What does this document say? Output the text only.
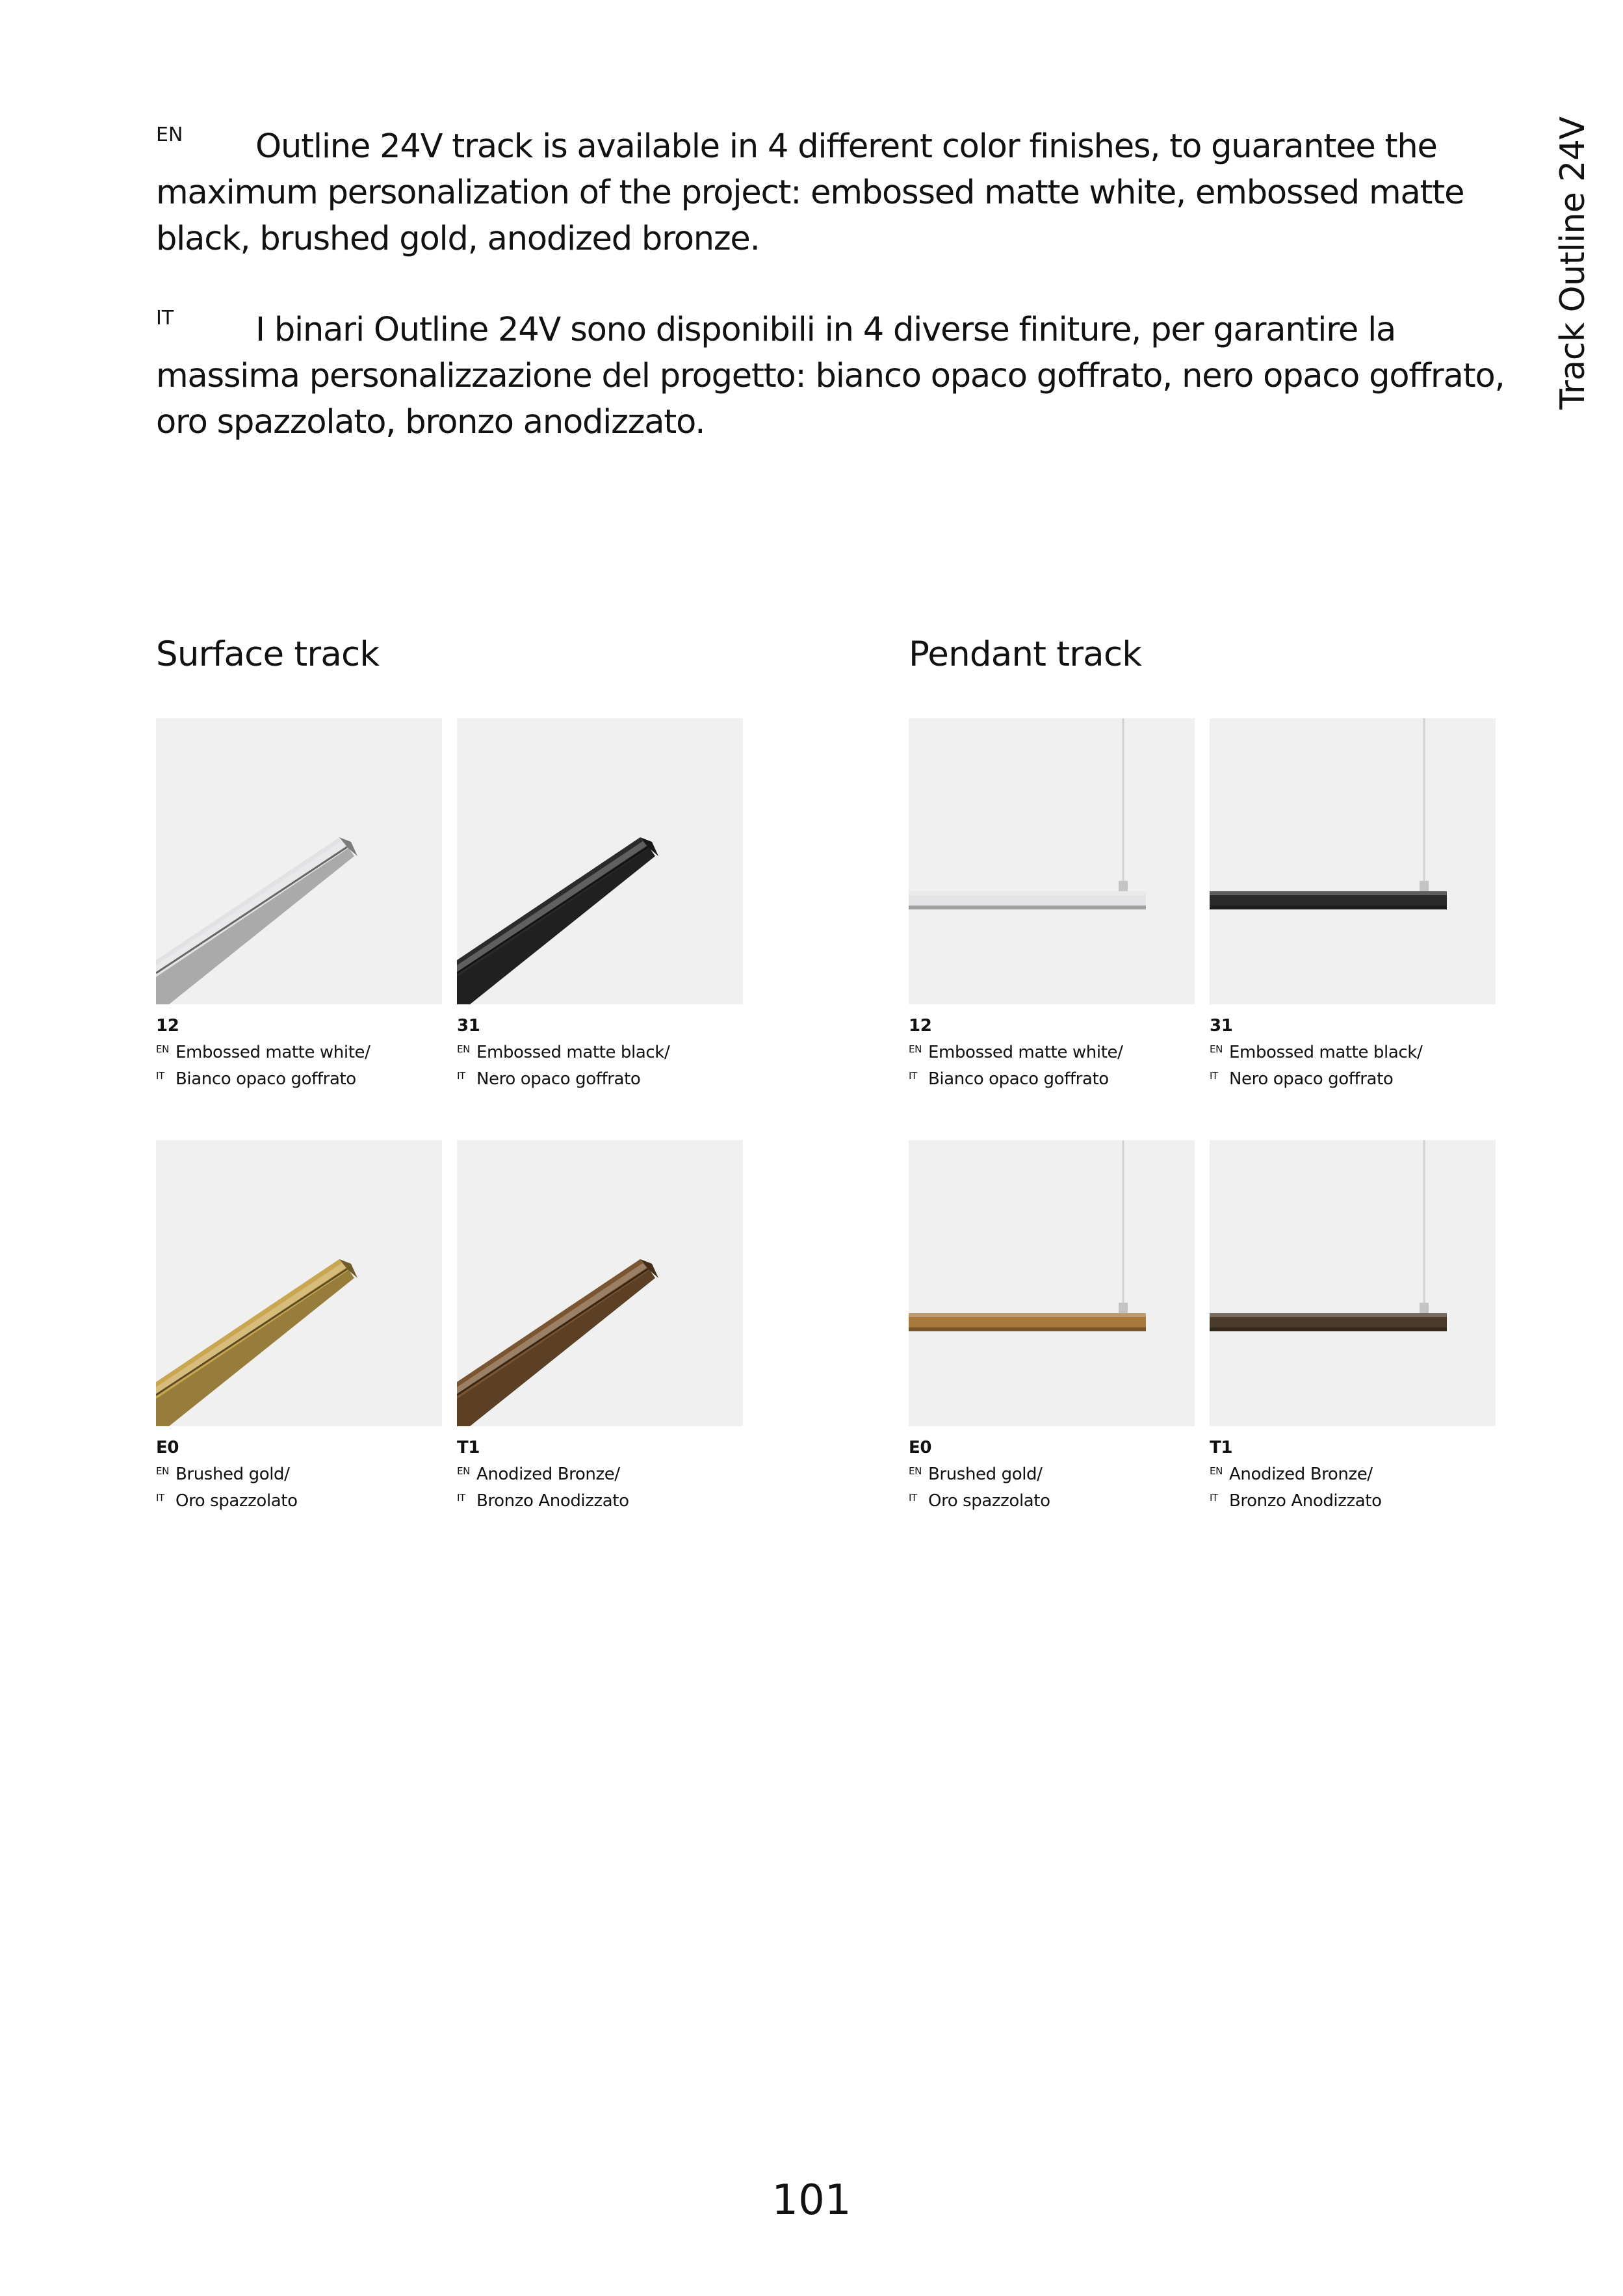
Track Outline 24V
EN	Outline 24V track is available in 4 different color finishes, to guarantee the maximum personalization of the project: embossed matte white, embossed matte black, brushed gold, anodized bronze.

IT	I binari Outline 24V sono disponibili in 4 diverse finiture, per garantire la massima personalizzazione del progetto: bianco opaco goffrato, nero opaco goffrato, oro spazzolato, bronzo anodizzato.

Surface track	Pendant track
12
EN Embossed matte white/
IT Bianco opaco goffrato
31
EN Embossed matte black/
IT Nero opaco goffrato
E0
EN Brushed gold/
IT Oro spazzolato
T1
EN Anodized Bronze/
IT Bronzo Anodizzato
12
EN Embossed matte white/
IT Bianco opaco goffrato
31
EN Embossed matte black/
IT Nero opaco goffrato
E0
EN Brushed gold/
IT Oro spazzolato
T1
EN Anodized Bronze/
IT Bronzo Anodizzato
101
